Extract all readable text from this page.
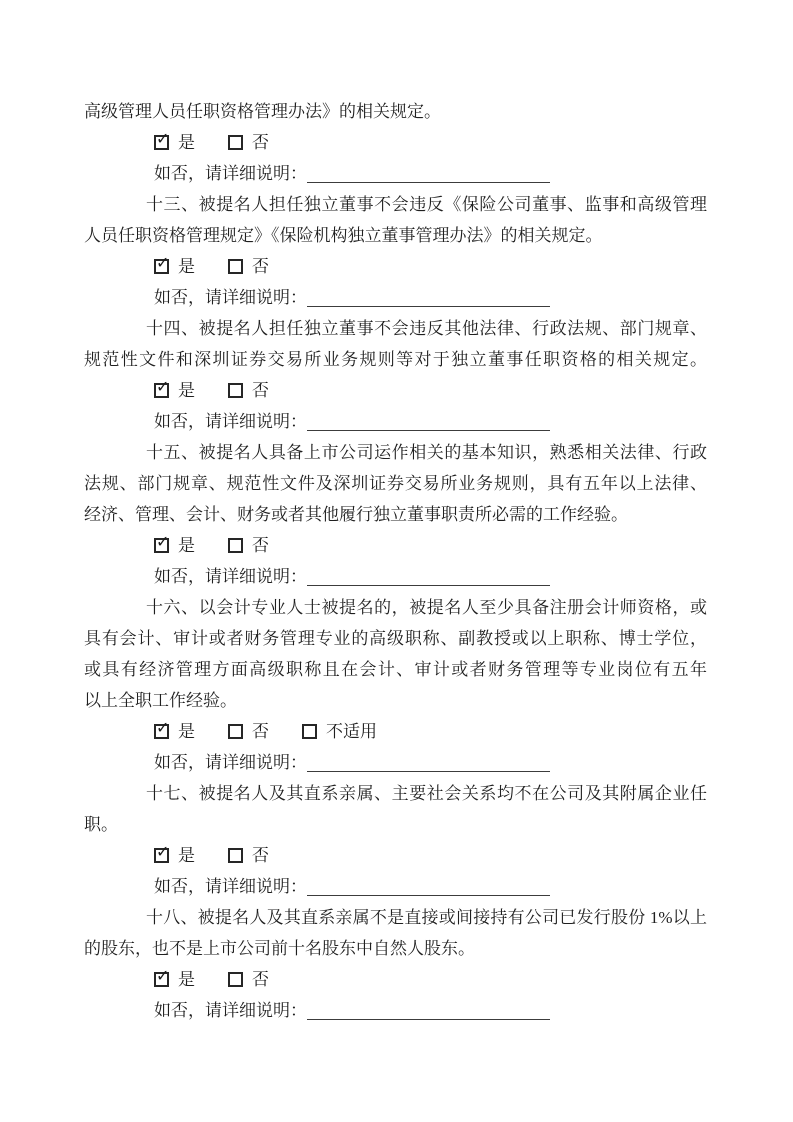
高级管理人员任职资格管理办法》的相关规定。
✓ 是	否
如否，请详细说明：
十三、被提名人担任独立董事不会违反《保险公司董事、监事和高级管理
人员任职资格管理规定》《保险机构独立董事管理办法》的相关规定。
✓ 是	否
如否，请详细说明：
十四、被提名人担任独立董事不会违反其他法律、行政法规、部门规章、
规范性文件和深圳证券交易所业务规则等对于独立董事任职资格的相关规定。
✓ 是	否
如否，请详细说明：
十五、被提名人具备上市公司运作相关的基本知识，熟悉相关法律、行政
法规、部门规章、规范性文件及深圳证券交易所业务规则，具有五年以上法律、
经济、管理、会计、财务或者其他履行独立董事职责所必需的工作经验。
✓ 是	否
如否，请详细说明：
十六、以会计专业人士被提名的，被提名人至少具备注册会计师资格，或
具有会计、审计或者财务管理专业的高级职称、副教授或以上职称、博士学位，
或具有经济管理方面高级职称且在会计、审计或者财务管理等专业岗位有五年
以上全职工作经验。
✓ 是	否	不适用
如否，请详细说明：
十七、被提名人及其直系亲属、主要社会关系均不在公司及其附属企业任
职。
✓ 是	否
如否，请详细说明：
十八、被提名人及其直系亲属不是直接或间接持有公司已发行股份 1%以上
的股东，也不是上市公司前十名股东中自然人股东。
✓ 是	否
如否，请详细说明：
